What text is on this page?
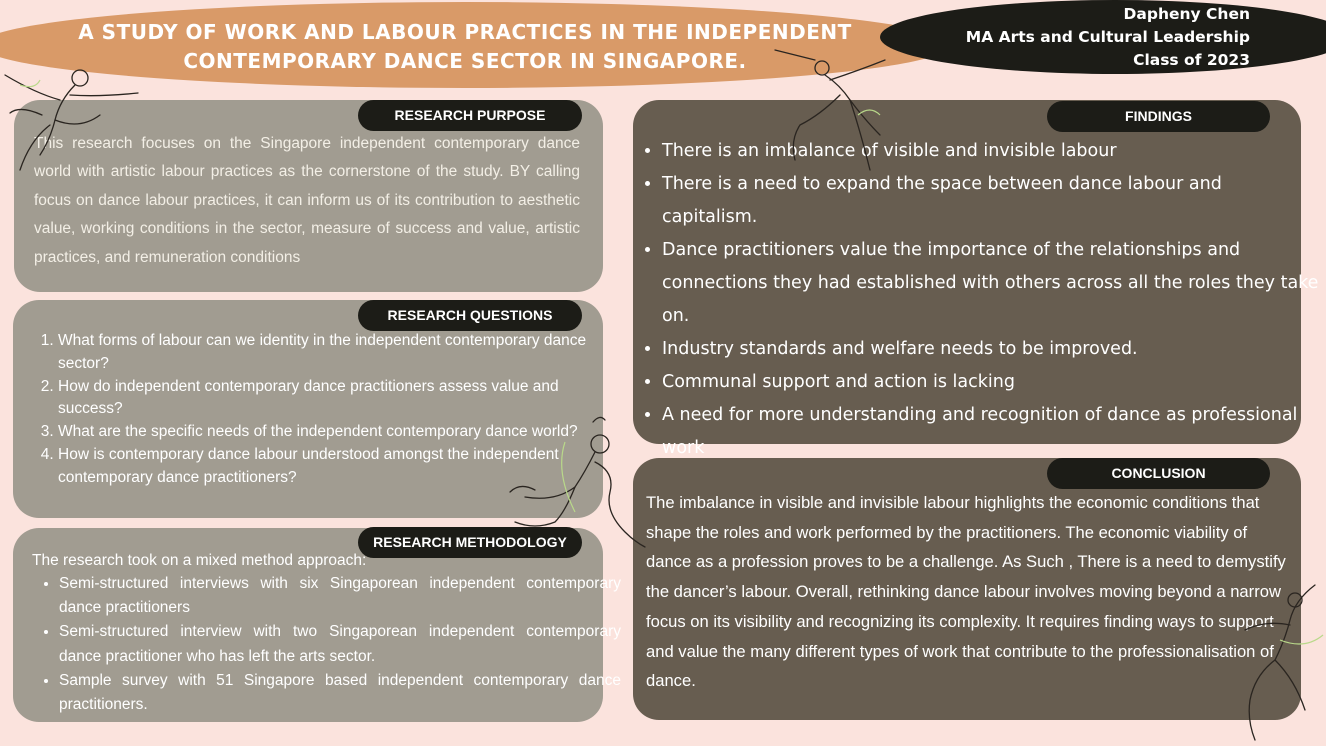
A STUDY OF WORK AND LABOUR PRACTICES IN THE INDEPENDENT CONTEMPORARY DANCE SECTOR IN SINGAPORE.
Dapheny Chen
MA Arts and Cultural Leadership
Class of 2023
RESEARCH PURPOSE
This research focuses on the Singapore independent contemporary dance world with artistic labour practices as the cornerstone of the study. BY calling focus on dance labour practices, it can inform us of its contribution to aesthetic value, working conditions in the sector, measure of success and value, artistic practices, and remuneration conditions
RESEARCH QUESTIONS
1. What forms of labour can we identity in the independent contemporary dance sector?
2. How do independent contemporary dance practitioners assess value and success?
3. What are the specific needs of the independent contemporary dance world?
4. How is contemporary dance labour understood amongst the independent contemporary dance practitioners?
RESEARCH METHODOLOGY
The research took on a mixed method approach:
• Semi-structured interviews with six Singaporean independent contemporary dance practitioners
• Semi-structured interview with two Singaporean independent contemporary dance practitioner who has left the arts sector.
• Sample survey with 51 Singapore based independent contemporary dance practitioners.
FINDINGS
• There is an imbalance of visible and invisible labour
• There is a need to expand the space between dance labour and capitalism.
• Dance practitioners value the importance of the relationships and connections they had established with others across all the roles they take on.
• Industry standards and welfare needs to be improved.
• Communal support and action is lacking
• A need for more understanding and recognition of dance as professional work
CONCLUSION
The imbalance in visible and invisible labour highlights the economic conditions that shape the roles and work performed by the practitioners. The economic viability of dance as a profession proves to be a challenge. As Such , There is a need to demystify the dancer’s labour. Overall, rethinking dance labour involves moving beyond a narrow focus on its visibility and recognizing its complexity. It requires finding ways to support and value the many different types of work that contribute to the professionalisation of dance.
